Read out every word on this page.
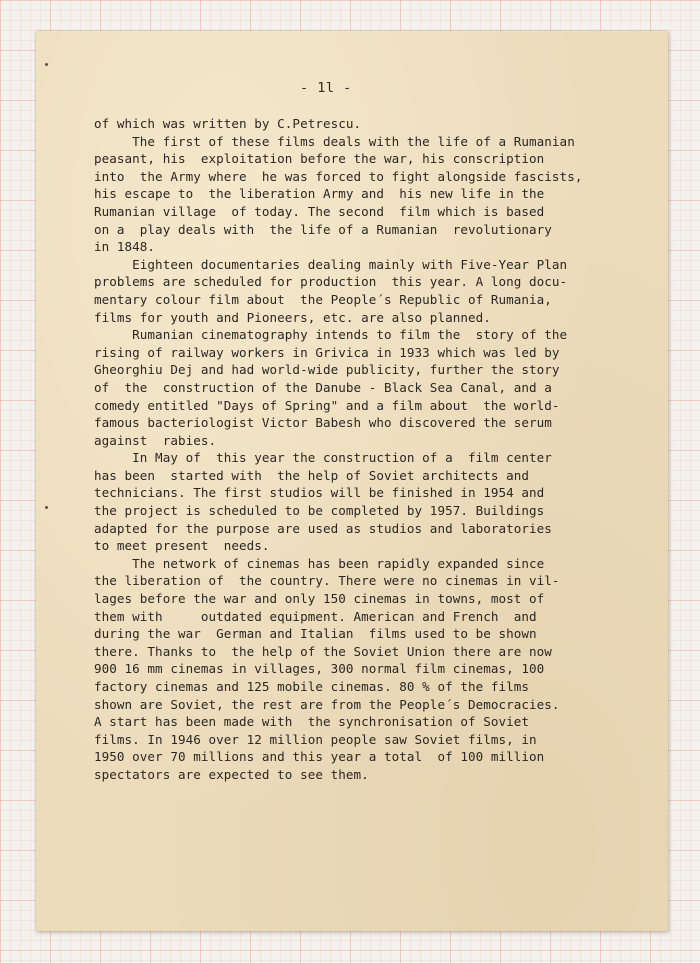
- 1l -
of which was written by C.Petrescu.
The first of these films deals with the life of a Rumanian
peasant, his  exploitation before the war, his conscription
into  the Army where  he was forced to fight alongside fascists,
his escape to  the liberation Army and  his new life in the
Rumanian village  of today. The second  film which is based
on a  play deals with  the life of a Rumanian  revolutionary
in 1848.
Eighteen documentaries dealing mainly with Five-Year Plan
problems are scheduled for production  this year. A long docu-
mentary colour film about  the People´s Republic of Rumania,
films for youth and Pioneers, etc. are also planned.
Rumanian cinematography intends to film the  story of the
rising of railway workers in Grivica in 1933 which was led by
Gheorghiu Dej and had world-wide publicity, further the story
of  the  construction of the Danube - Black Sea Canal, and a
comedy entitled "Days of Spring" and a film about  the world-
famous bacteriologist Victor Babesh who discovered the serum
against  rabies.
In May of  this year the construction of a  film center
has been  started with  the help of Soviet architects and
technicians. The first studios will be finished in 1954 and
the project is scheduled to be completed by 1957. Buildings
adapted for the purpose are used as studios and laboratories
to meet present  needs.
The network of cinemas has been rapidly expanded since
the liberation of  the country. There were no cinemas in vil-
lages before the war and only 150 cinemas in towns, most of
them with     outdated equipment. American and French  and
during the war  German and Italian  films used to be shown
there. Thanks to  the help of the Soviet Union there are now
900 16 mm cinemas in villages, 300 normal film cinemas, 100
factory cinemas and 125 mobile cinemas. 80 % of the films
shown are Soviet, the rest are from the People´s Democracies.
A start has been made with  the synchronisation of Soviet
films. In 1946 over 12 million people saw Soviet films, in
1950 over 70 millions and this year a total  of 100 million
spectators are expected to see them.
